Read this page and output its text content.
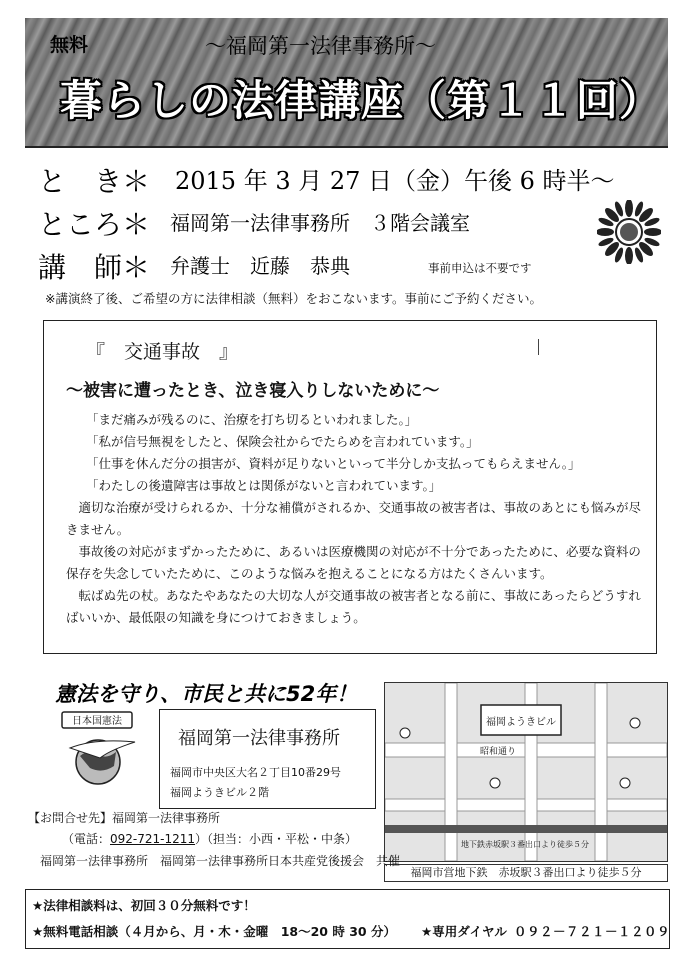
無料	〜福岡第一法律事務所〜
暮らしの法律講座（第１１回）
と　き＊ 2015 年 3 月 27 日（金）午後 6 時半〜
ところ＊ 福岡第一法律事務所　３階会議室
講　師＊ 弁護士　近藤　恭典	事前申込は不要です
※講演終了後、ご希望の方に法律相談（無料）をおこないます。事前にご予約ください。
『　交通事故　』
〜被害に遭ったとき、泣き寝入りしないために〜
「まだ痛みが残るのに、治療を打ち切るといわれました。」
「私が信号無視をしたと、保険会社からでたらめを言われています。」
「仕事を休んだ分の損害が、資料が足りないといって半分しか支払ってもらえません。」
「わたしの後遺障害は事故とは関係がないと言われています。」
　適切な治療が受けられるか、十分な補償がされるか、交通事故の被害者は、事故のあとにも悩みが尽きません。
　事故後の対応がまずかったために、あるいは医療機関の対応が不十分であったために、必要な資料の保存を失念していたために、このような悩みを抱えることになる方はたくさんいます。
　転ばぬ先の杖。あなたやあなたの大切な人が交通事故の被害者となる前に、事故にあったらどうすればいいか、最低限の知識を身につけておきましょう。
憲法を守り、市民と共に52年！
日本国憲法
福岡第一法律事務所
福岡市中央区大名２丁目10番29号
福岡ようきビル２階
福岡ようきビル
昭和通り
地下鉄赤坂駅３番出口より徒歩５分
福岡市営地下鉄　赤坂駅３番出口より徒歩５分
【お問合せ先】福岡第一法律事務所
（電話：092-721-1211）（担当：小西・平松・中条）
福岡第一法律事務所　福岡第一法律事務所日本共産党後援会　共催
★法律相談料は、初回３０分無料です！
★無料電話相談（４月から、月・木・金曜　18〜20 時 30 分） ★専用ダイヤル ０９２－７２１－１２０９
